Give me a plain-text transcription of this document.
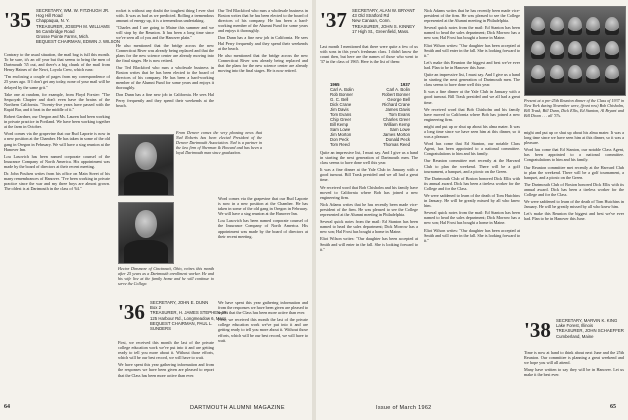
'35 SECRETARY, WM. W. FITZHUGH JR.
Hog Hill Road
Chappaqua, N. Y.
TREASURER, JOSEPH M. WILLIAMS
56 Cambridge Road
Grosse Pointe Farms, Mich.
BEQUEST CHAIRMAN, EDWIN J. WILSON

Contrary to the usual situation, the mail bag is full this month. To be sure, it's an off year but that seems to bring the men of Dartmouth '35 out, and there's a big chunk of the mail from Henry Haines of the Newt, Loyola Crew, which runs:

"I'm enclosing a couple of pages from my correspondence of 25 years ago. If I don't get any today, none of your mail will be delayed by the same grit."

Take one at random, for example, from Floyd Forster: "The Sequoyah Chapter and don't even have the brains of the Northern California. "Twenty-five years have passed with the Rapid Bar, and it beat in the middle of it."

Robert Gardner, our Oregon and Ms. Lauren had been working in private practice in Portland. We have been working together at the farm in October.

Word comes via the grapevine that our Bud Laporte is now in a new position at the Chamber. He has taken in some of the old gang in Oregon in February. We will have a stag reunion at the Hanover Inn.

Lou Lasovich has been named corporate counsel of the Insurance Company of North America. His appointment was made by the board of directors at their recent meeting.

Dr. John Poulsen writes from his office on Main Street of his many remembrances of Hanover. "I've been working in private practice since the war and my three boys are almost grown. The oldest is at Dartmouth in the class of '64."

rocket is without any doubt the toughest thing I ever shot with. It was as bad as we predicted. Rolling a tremendous amount of energy up, it is a tremendous undertaking.

"Charles and I are going to Maine this summer and we will stop by the Reunion. It has been a long time since we've seen all of you and the Hanover plain."

He also mentioned that the bridge across the new Connecticut River was already being replaced and that the plans for the new science center are already moving into the final stages. He is now retired.

Our Ted Blackford who runs a wholesale business in Boston writes that he has been elected to the board of directors of his company. He has been a hard-working member of the Alumni Fund for some years and enjoys it thoroughly.

Don Dunn has a fine new job in California. He sees Hal Perry frequently and they spend their weekends at the beach.

Our Ted Blackford who runs a wholesale business in Boston writes that he has been elected to the board of directors of his company. He has been a hard-working member of the Alumni Fund for some years and enjoys it thoroughly.

Don Dunn has a fine new job in California. He sees Hal Perry frequently and they spend their weekends at the beach.

He also mentioned that the bridge across the new Connecticut River was already being replaced and that the plans for the new science center are already moving into the final stages. He is now retired.

From Denver comes the very pleasing news that Ned Roberts has been elected President of the Denver Dartmouth Association. Ned is a partner in the law firm of Sherman & Howard and has been a loyal Dartmouth man since graduation.
Hector Dinsmore of Cincinnati, Ohio, retires this month after 25 years as a Dartmouth enrollment worker. He and his wife live at the family home and he will continue to serve the College.

Word comes via the grapevine that our Bud Laporte is now in a new position at the Chamber. He has taken in some of the old gang in Oregon in February. We will have a stag reunion at the Hanover Inn.

Lou Lasovich has been named corporate counsel of the Insurance Company of North America. His appointment was made by the board of directors at their recent meeting.

'36 SECRETARY, JOHN E. DUNN
Box 2
TREASURER, H. JAMES STEPHEN JR.
125 Harbour Rd., Longmeadow 6, Mass.
BEQUEST CHAIRMAN, PAUL L. SUNDERS

First, we received this month the last of the private college education work we've put into it and are getting ready to tell you more about it. Without those efforts, which will be our best record, we will have to wait.

We have spent this year gathering information and from the responses we have been given are pleased to report that the Class has been more active than ever.

We have spent this year gathering information and from the responses we have been given are pleased to report that the Class has been more active than ever.

First, we received this month the last of the private college education work we've put into it and are getting ready to tell you more about it. Without those efforts, which will be our best record, we will have to wait.

64	DARTMOUTH ALUMNI MAGAZINE
'37 SECRETARY, ALAN W. BRYANT
43 Old Stratford Rd
New Canaan, Conn.
TREASURER, JOHN S. KINNEY
17 High St., Greenfield, Mass.

Last month I mentioned that there were quite a few of us with sons in this year's freshman class. I didn't know the count then, but here are the names of those who went to '37 in the class of 1965. Here is the list of them:

1965	1937
Carl A. Bolin	Carl A. Bolin
Rob Bonner	Robert Bonner
G. C. Bell	George Bell
Dick Crane	Richard Crane
Jim Davis	James Davis
Tom Evans	Tom Evans
Chip Greer	Charles Greer
Bill Kemp	William Kemp
Sam Lowe	Sam Lowe
Jim Morton	James Morton
Don Peck	Donald Peck
Tom Reed	Thomas Reed

Quite an impressive list, I must say. And I give us a hand in starting the next generation of Dartmouth men. The class seems to have done well this year.

It was a fine dinner at the Yale Club in January with a good turnout. Bill Trask presided and we all had a great time.

We received word that Bob Chisholm and his family have moved to California where Bob has joined a new engineering firm.

Nick Adams writes that he has recently been made vice-president of the firm. He was pleased to see the College represented at the Alumni meeting in Philadelphia.

Several quick notes from the mail: Ed Stanton has been named to head the sales department; Dick Morrow has a new son; Hal Frost has bought a home in Maine.

Eliot Wilson writes: "Our daughter has been accepted at Smith and will enter in the fall. She is looking forward to it."

Nick Adams writes that he has recently been made vice-president of the firm. He was pleased to see the College represented at the Alumni meeting in Philadelphia.

Several quick notes from the mail: Ed Stanton has been named to head the sales department; Dick Morrow has a new son; Hal Frost has bought a home in Maine.

Eliot Wilson writes: "Our daughter has been accepted at Smith and will enter in the fall. She is looking forward to it."

Let's make this Reunion the biggest and best we've ever had. Plan to be in Hanover this June.

Quite an impressive list, I must say. And I give us a hand in starting the next generation of Dartmouth men. The class seems to have done well this year.

It was a fine dinner at the Yale Club in January with a good turnout. Bill Trask presided and we all had a great time.

We received word that Bob Chisholm and his family have moved to California where Bob has joined a new engineering firm.

might and put up or shut up about his alma mater. It was a long time since we have seen him at this dinner, so it was a pleasure.

Word has come that Ed Stanton, our notable Class Agent, has been appointed to a national committee. Congratulations to him and his family.

Our Reunion committee met recently at the Harvard Club to plan the weekend. There will be a golf tournament, a banquet, and a picnic on the Green.

The Dartmouth Club of Boston honored Dick Ellis with its annual award. Dick has been a tireless worker for the College and for the Class.

We were saddened to learn of the death of Tom Hutchins in January. He will be greatly missed by all who knew him.

Several quick notes from the mail: Ed Stanton has been named to head the sales department; Dick Morrow has a new son; Hal Frost has bought a home in Maine.

Eliot Wilson writes: "Our daughter has been accepted at Smith and will enter in the fall. She is looking forward to it."

Present at a pre-25th Reunion dinner of the Class of 1937 in New York during November were, (front row) Bob Chisholm, Bill Trask, Bill Dunn, Dick Ellis, Ed Stanton, Al Bryant and Bill Dixon . . . all '37s.

might and put up or shut up about his alma mater. It was a long time since we have seen him at this dinner, so it was a pleasure.

Word has come that Ed Stanton, our notable Class Agent, has been appointed to a national committee. Congratulations to him and his family.

Our Reunion committee met recently at the Harvard Club to plan the weekend. There will be a golf tournament, a banquet, and a picnic on the Green.

The Dartmouth Club of Boston honored Dick Ellis with its annual award. Dick has been a tireless worker for the College and for the Class.

We were saddened to learn of the death of Tom Hutchins in January. He will be greatly missed by all who knew him.

Let's make this Reunion the biggest and best we've ever had. Plan to be in Hanover this June.

'38 SECRETARY, MARVIN K. KING
Lake Forest, Illinois
TREASURER, JOHN SCHAEFFER
Cumberland, Maine

Time is now at hand to think about next June and the 25th Reunion. Our committee is planning a great weekend and we hope you will all attend.

Many have written to say they will be in Hanover. Let us make it the best ever.

Issue of March 1962	65
